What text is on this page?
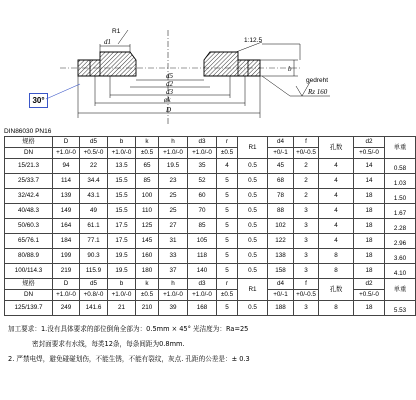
R1
d1	1:12.5
d5
d2
d3
øk
D
b
gedreht
Rz 160
30°
DIN86030 PN16
规格	D	d5	b	k	h	d3	r	R1	d4	f	孔数	d2	单重
DN	+1.0/-0	+0.5/-0	+1.0/-0	±0.5	+1.0/-0	+1.0/-0	±0.5		+0/-1	+0/-0.5		+0.5/-0	
15/21.3	94	22	13.5	65	19.5	35	4	0.5	45	2	4	14	0.58
25/33.7	114	34.4	15.5	85	23	52	5	0.5	68	2	4	14	1.03
32/42.4	139	43.1	15.5	100	25	60	5	0.5	78	2	4	18	1.50
40/48.3	149	49	15.5	110	25	70	5	0.5	88	3	4	18	1.67
50/60.3	164	61.1	17.5	125	27	85	5	0.5	102	3	4	18	2.28
65/76.1	184	77.1	17.5	145	31	105	5	0.5	122	3	4	18	2.96
80/88.9	199	90.3	19.5	160	33	118	5	0.5	138	3	8	18	3.60
100/114.3	219	115.9	19.5	180	37	140	5	0.5	158	3	8	18	4.10
规格	D	d5	b	k	h	d3	r	R1	d4	f	孔数	d2	单重
DN	+1.0/-0	+0.8/-0	+1.0/-0	±0.5	+1.0/-0	+1.0/-0	±0.5		+0/-1	+0/-0.5		+0.5/-0	
125/139.7	249	141.6	21	210	39	168	5	0.5	188	3	8	18	5.53
加工要求：1.没有具体要求的部位倒角全部为：0.5mm × 45° 光洁度为：Ra=25
密封面要求有水线，每类12条，每条间距为0.8mm.
2. 严禁电焊，避免碰碰划伤，不能生锈，不能有裂纹，灰点. 孔距的公差是：± 0.3
